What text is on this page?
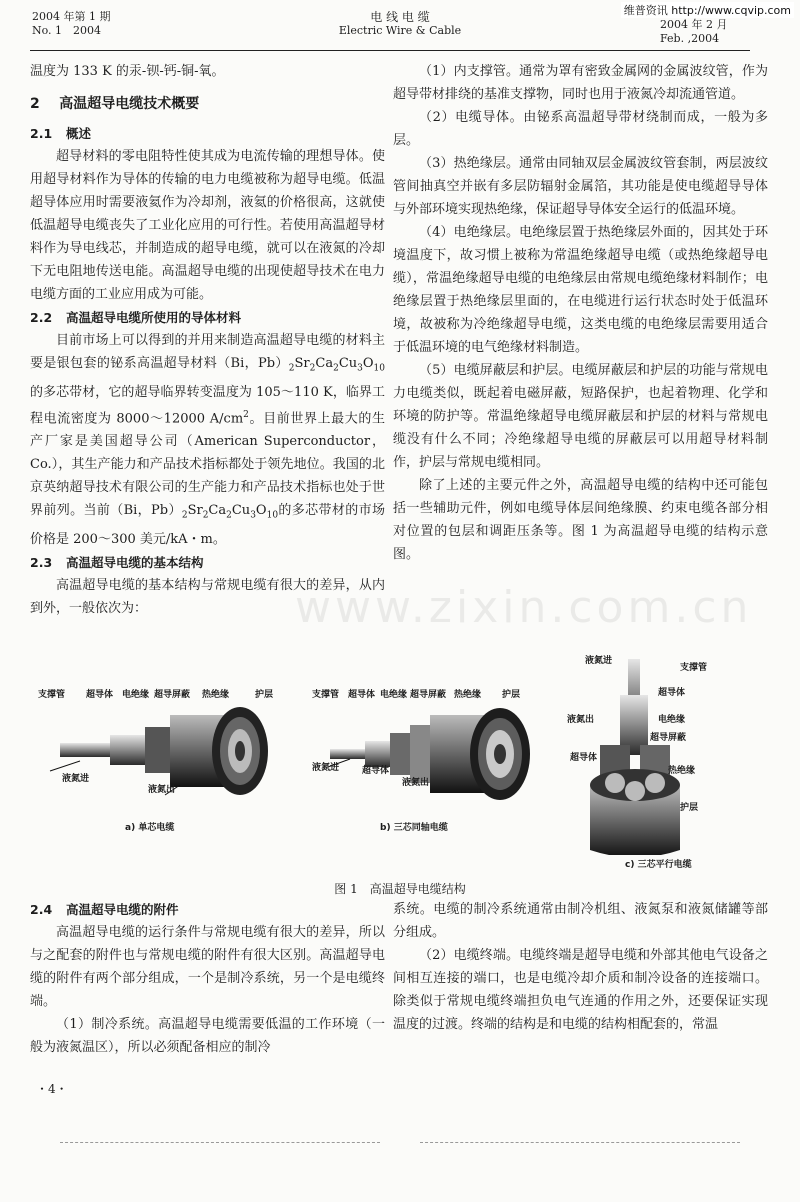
维普资讯 http://www.cqvip.com
2004 年第 1 期
No. 1　2004
电 线 电 缆
Electric Wire & Cable	2004 年 2 月
Feb. ,2004
www.zixin.com.cn

温度为 133 K 的汞-钡-钙-铜-氧。

2 高温超导电缆技术概要
2.1 概述

超导材料的零电阻特性使其成为电流传输的理想导体。使用超导材料作为导体的传输的电力电缆被称为超导电缆。低温超导体应用时需要液氦作为冷却剂，液氦的价格很高，这就使低温超导电缆丧失了工业化应用的可行性。若使用高温超导材料作为导电线芯，并制造成的超导电缆，就可以在液氮的冷却下无电阻地传送电能。高温超导电缆的出现使超导技术在电力电缆方面的工业应用成为可能。

2.2 高温超导电缆所使用的导体材料

目前市场上可以得到的并用来制造高温超导电缆的材料主要是银包套的铋系高温超导材料（Bi，$Pb)_2Sr_2Ca_2Cu_3O_{10}$的多芯带材，它的超导临界转变温度为 105～110 K，临界工程电流密度为 8000～12000 $A/cm^2$。目前世界上最大的生产厂家是美国超导公司（American Superconductor，Co.），其生产能力和产品技术指标都处于领先地位。我国的北京英纳超导技术有限公司的生产能力和产品技术指标也处于世界前列。当前（Bi，$Pb)_2Sr_2Ca_2Cu_3O_{10}$的多芯带材的市场价格是 200～300 美元/kA・m。

2.3 高温超导电缆的基本结构

高温超导电缆的基本结构与常规电缆有很大的差异，从内到外，一般依次为：

（1）内支撑管。通常为罩有密致金属网的金属波纹管，作为超导带材排绕的基准支撑物，同时也用于液氮冷却流通管道。

（2）电缆导体。由铋系高温超导带材绕制而成，一般为多层。

（3）热绝缘层。通常由同轴双层金属波纹管套制，两层波纹管间抽真空并嵌有多层防辐射金属箔，其功能是使电缆超导导体与外部环境实现热绝缘，保证超导导体安全运行的低温环境。

（4）电绝缘层。电绝缘层置于热绝缘层外面的，因其处于环境温度下，故习惯上被称为常温绝缘超导电缆（或热绝缘超导电缆），常温绝缘超导电缆的电绝缘层由常规电缆绝缘材料制作；电绝缘层置于热绝缘层里面的，在电缆进行运行状态时处于低温环境，故被称为冷绝缘超导电缆，这类电缆的电绝缘层需要用适合于低温环境的电气绝缘材料制造。

（5）电缆屏蔽层和护层。电缆屏蔽层和护层的功能与常规电力电缆类似，既起着电磁屏蔽，短路保护，也起着物理、化学和环境的防护等。常温绝缘超导电缆屏蔽层和护层的材料与常规电缆没有什么不同；冷绝缘超导电缆的屏蔽层可以用超导材料制作，护层与常规电缆相同。

除了上述的主要元件之外，高温超导电缆的结构中还可能包括一些辅助元件，例如电缆导体层间绝缘膜、约束电缆各部分相对位置的包层和调距压条等。图 1 为高温超导电缆的结构示意图。

支撑管 超导体 电绝缘 超导屏蔽 热绝缘	护层
液氮进
液氮出
a) 单芯电缆
支撑管 超导体 电绝缘 超导屏蔽 热绝缘 护层
液氮进	超导体
液氮出
b) 三芯同轴电缆
液氮进
支撑管
超导体
液氮出	电绝缘
超导屏蔽
超导体
热绝缘
护层
c) 三芯平行电缆
图 1　高温超导电缆结构
2.4 高温超导电缆的附件

高温超导电缆的运行条件与常规电缆有很大的差异，所以与之配套的附件也与常规电缆的附件有很大区别。高温超导电缆的附件有两个部分组成，一个是制冷系统，另一个是电缆终端。

（1）制冷系统。高温超导电缆需要低温的工作环境（一般为液氮温区），所以必须配备相应的制冷

系统。电缆的制冷系统通常由制冷机组、液氮泵和液氮储罐等部分组成。

（2）电缆终端。电缆终端是超导电缆和外部其他电气设备之间相互连接的端口，也是电缆冷却介质和制冷设备的连接端口。除类似于常规电缆终端担负电气连通的作用之外，还要保证实现温度的过渡。终端的结构是和电缆的结构相配套的，常温

・4・
